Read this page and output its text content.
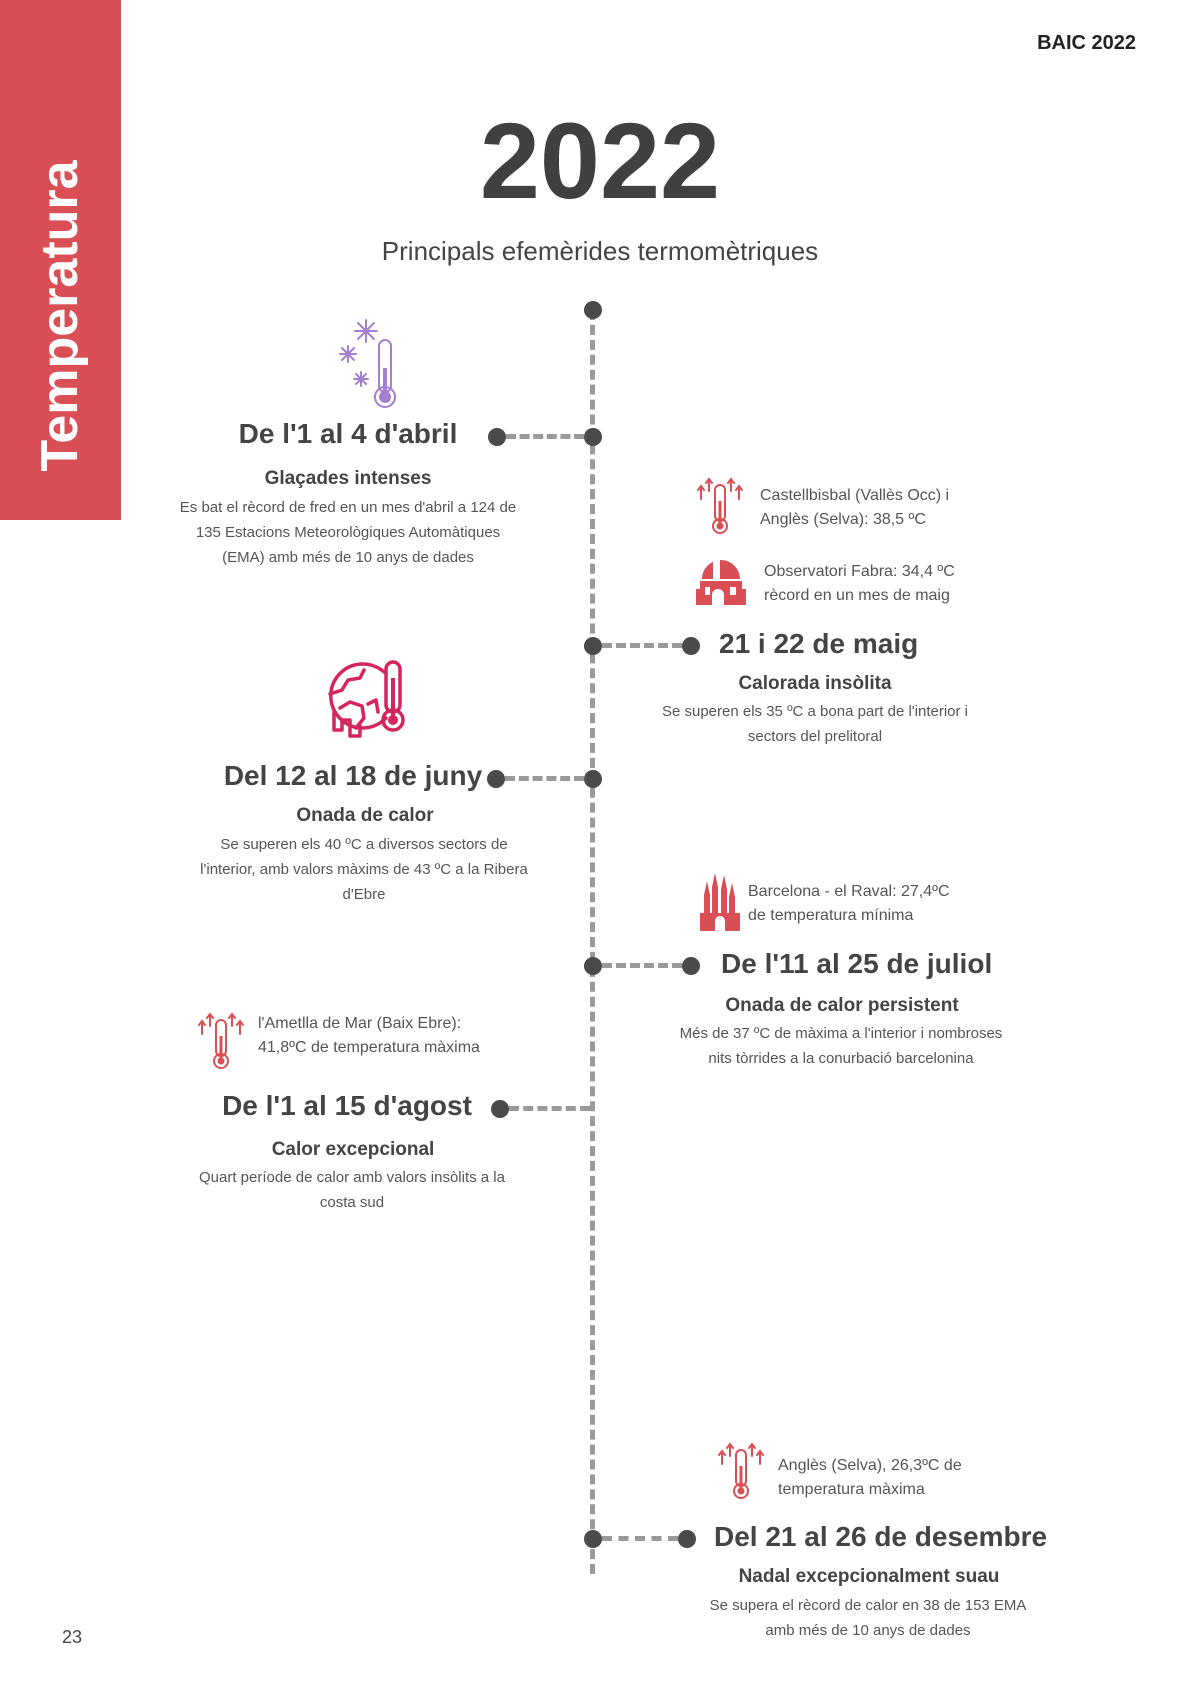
Temperatura
BAIC 2022
2022
Principals efemèrides termomètriques
De l'1 al 4 d'abril
Glaçades intenses
Es bat el rècord de fred en un mes d'abril a 124 de
135 Estacions Meteorològiques Automàtiques
(EMA) amb més de 10 anys de dades
Castellbisbal (Vallès Occ) i
Anglès (Selva): 38,5 ºC
Observatori Fabra: 34,4 ºC
rècord en un mes de maig
21 i 22 de maig
Calorada insòlita
Se superen els 35 ºC a bona part de l'interior i
sectors del prelitoral
Del 12 al 18 de juny
Onada de calor
Se superen els 40 ºC a diversos sectors de
l'interior, amb valors màxims de 43 ºC a la Ribera
d'Ebre	Barcelona - el Raval: 27,4ºC
de temperatura mínima
De l'11 al 25 de juliol
Onada de calor persistent
Més de 37 ºC de màxima a l'interior i nombroses
nits tòrrides a la conurbació barcelonina
l'Ametlla de Mar (Baix Ebre):
41,8ºC de temperatura màxima
De l'1 al 15 d'agost
Calor excepcional
Quart període de calor amb valors insòlits a la
costa sud
Anglès (Selva), 26,3ºC de
temperatura màxima
Del 21 al 26 de desembre
Nadal excepcionalment suau
Se supera el rècord de calor en 38 de 153 EMA
amb més de 10 anys de dades
23
